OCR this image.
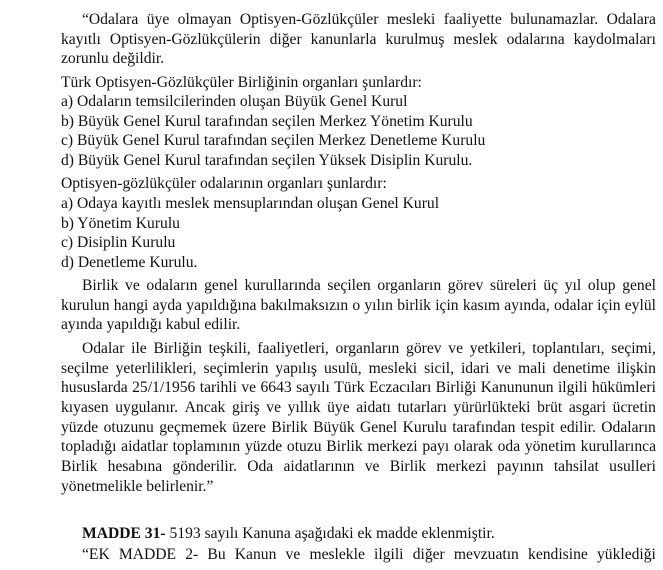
“Odalara üye olmayan Optisyen-Gözlükçüler mesleki faaliyette bulunamazlar. Odalara
kayıtlı Optisyen-Gözlükçülerin diğer kanunlarla kurulmuş meslek odalarına kaydolmaları
zorunlu değildir.
Türk Optisyen-Gözlükçüler Birliğinin organları şunlardır:
a) Odaların temsilcilerinden oluşan Büyük Genel Kurul
b) Büyük Genel Kurul tarafından seçilen Merkez Yönetim Kurulu
c) Büyük Genel Kurul tarafından seçilen Merkez Denetleme Kurulu
d) Büyük Genel Kurul tarafından seçilen Yüksek Disiplin Kurulu.
Optisyen-gözlükçüler odalarının organları şunlardır:
a) Odaya kayıtlı meslek mensuplarından oluşan Genel Kurul
b) Yönetim Kurulu
c) Disiplin Kurulu
d) Denetleme Kurulu.
Birlik ve odaların genel kurullarında seçilen organların görev süreleri üç yıl olup genel
kurulun hangi ayda yapıldığına bakılmaksızın o yılın birlik için kasım ayında, odalar için eylül
ayında yapıldığı kabul edilir.
Odalar ile Birliğin teşkili, faaliyetleri, organların görev ve yetkileri, toplantıları, seçimi,
seçilme yeterlilikleri, seçimlerin yapılış usulü, mesleki sicil, idari ve mali denetime ilişkin
hususlarda 25/1/1956 tarihli ve 6643 sayılı Türk Eczacıları Birliği Kanununun ilgili hükümleri
kıyasen uygulanır. Ancak giriş ve yıllık üye aidatı tutarları yürürlükteki brüt asgari ücretin
yüzde otuzunu geçmemek üzere Birlik Büyük Genel Kurulu tarafından tespit edilir. Odaların
topladığı aidatlar toplamının yüzde otuzu Birlik merkezi payı olarak oda yönetim kurullarınca
Birlik hesabına gönderilir. Oda aidatlarının ve Birlik merkezi payının tahsilat usulleri
yönetmelikle belirlenir.”
MADDE 31- 5193 sayılı Kanuna aşağıdaki ek madde eklenmiştir.
“EK MADDE 2- Bu Kanun ve meslekle ilgili diğer mevzuatın kendisine yüklediği
